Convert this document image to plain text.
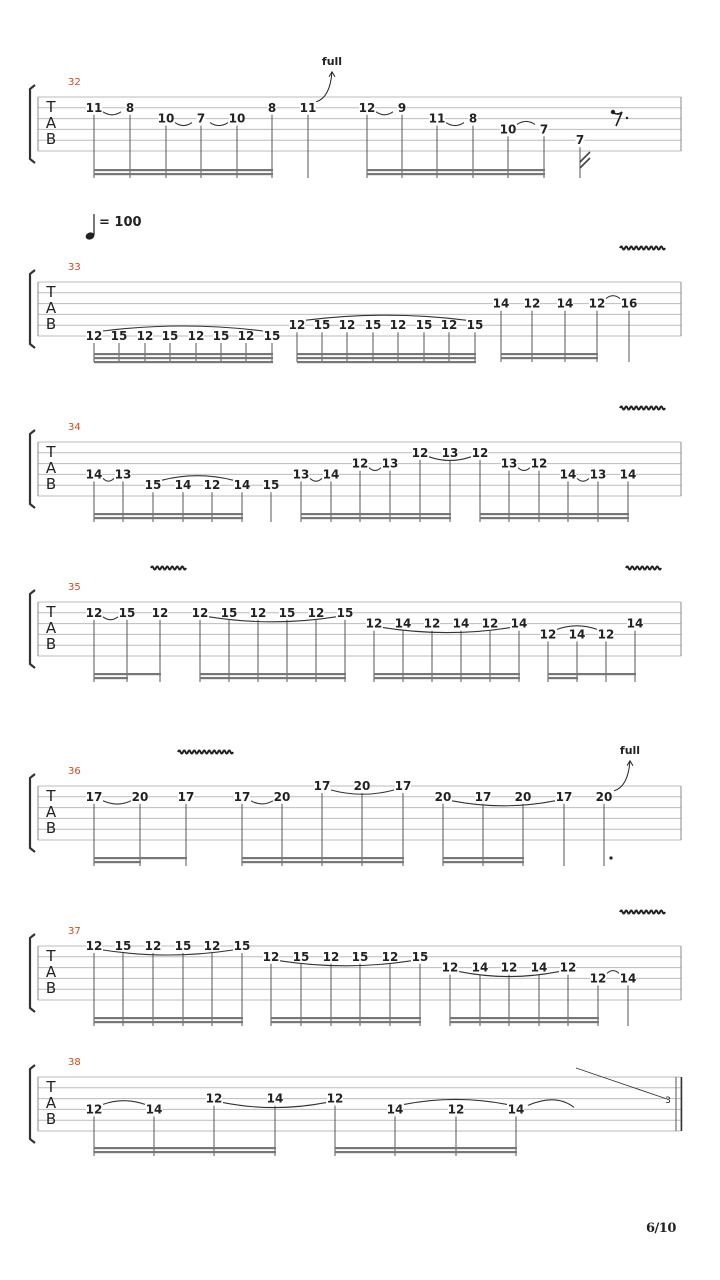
T
A
B
32
11 8
10 7 10
8 11	12 9
11 8
10 7
7
T
A
B
33
12 15 12 15 12 15 12 15
12 15 12 15 12 15 12 15
14 12 14 12 16
T
A
B
34
14 13
15 14 12 14 15
13 14
12 13
12 13 12
13 12
14 13 14
T
A
B
35
12 15 12 12 15 12 15 12 15
12 14 12 14 12 14
12 14 12
14
T
A
B
36
17 20 17	17 20
17 20 17
20 17 20 17 20
full
T
A
B
37
12 15 12 15 12 15
12 15 12 15 12 15
12 14 12 14 12
12 14
T
A
B
38
12	14
12	14	12
14	12	14
full
= 100
3
6/10
